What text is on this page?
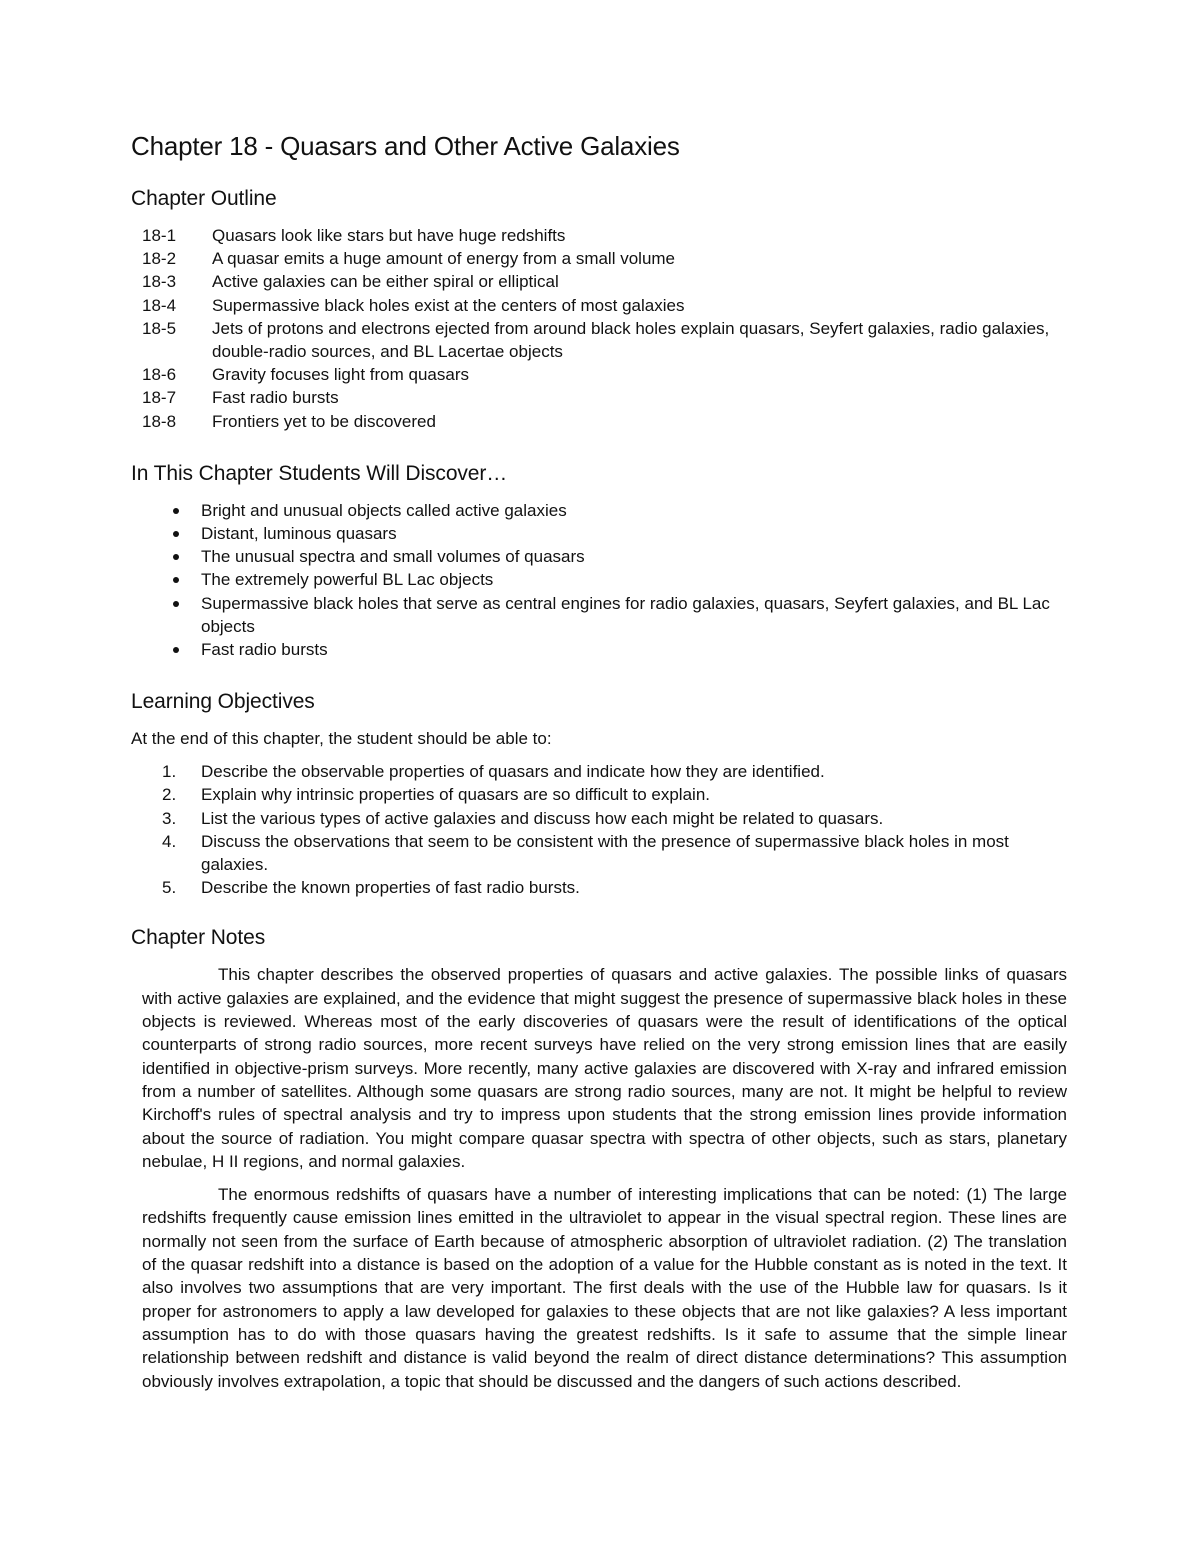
Chapter 18 - Quasars and Other Active Galaxies
Chapter Outline
18-1	Quasars look like stars but have huge redshifts
18-2	A quasar emits a huge amount of energy from a small volume
18-3	Active galaxies can be either spiral or elliptical
18-4	Supermassive black holes exist at the centers of most galaxies
18-5	Jets of protons and electrons ejected from around black holes explain quasars, Seyfert galaxies, radio galaxies, double-radio sources, and BL Lacertae objects
18-6	Gravity focuses light from quasars
18-7	Fast radio bursts
18-8	Frontiers yet to be discovered
In This Chapter Students Will Discover…
Bright and unusual objects called active galaxies
Distant, luminous quasars
The unusual spectra and small volumes of quasars
The extremely powerful BL Lac objects
Supermassive black holes that serve as central engines for radio galaxies, quasars, Seyfert galaxies, and BL Lac objects
Fast radio bursts
Learning Objectives

At the end of this chapter, the student should be able to:

1.	Describe the observable properties of quasars and indicate how they are identified.
2.	Explain why intrinsic properties of quasars are so difficult to explain.
3.	List the various types of active galaxies and discuss how each might be related to quasars.
4.	Discuss the observations that seem to be consistent with the presence of supermassive black holes in most galaxies.
5.	Describe the known properties of fast radio bursts.
Chapter Notes

This chapter describes the observed properties of quasars and active galaxies. The possible links of quasars with active galaxies are explained, and the evidence that might suggest the presence of supermassive black holes in these objects is reviewed. Whereas most of the early discoveries of quasars were the result of identifications of the optical counterparts of strong radio sources, more recent surveys have relied on the very strong emission lines that are easily identified in objective-prism surveys. More recently, many active galaxies are discovered with X-ray and infrared emission from a number of satellites. Although some quasars are strong radio sources, many are not. It might be helpful to review Kirchoff's rules of spectral analysis and try to impress upon students that the strong emission lines provide information about the source of radiation. You might compare quasar spectra with spectra of other objects, such as stars, planetary nebulae, H II regions, and normal galaxies.

The enormous redshifts of quasars have a number of interesting implications that can be noted: (1) The large redshifts frequently cause emission lines emitted in the ultraviolet to appear in the visual spectral region. These lines are normally not seen from the surface of Earth because of atmospheric absorption of ultraviolet radiation. (2) The translation of the quasar redshift into a distance is based on the adoption of a value for the Hubble constant as is noted in the text. It also involves two assumptions that are very important. The first deals with the use of the Hubble law for quasars. Is it proper for astronomers to apply a law developed for galaxies to these objects that are not like galaxies? A less important assumption has to do with those quasars having the greatest redshifts. Is it safe to assume that the simple linear relationship between redshift and distance is valid beyond the realm of direct distance determinations? This assumption obviously involves extrapolation, a topic that should be discussed and the dangers of such actions described.
